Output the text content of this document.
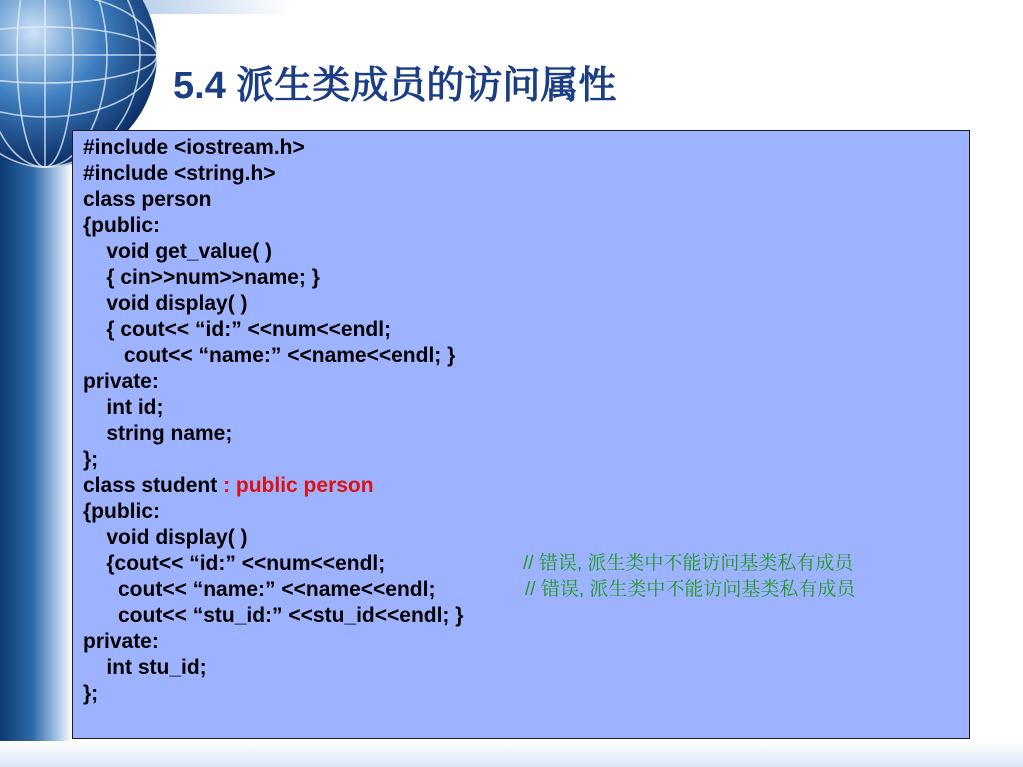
5.4 派生类成员的访问属性
#include <iostream.h>
#include <string.h>
class person
{public:
void get_value( )
{ cin>>num>>name; }
void display( )
{ cout<< “id:” <<num<<endl;
cout<< “name:” <<name<<endl; }
private:
int id;
string name;
};
class student : public person
{public:
void display( )
{cout<< “id:” <<num<<endl;	// 错误, 派生类中不能访问基类私有成员
cout<< “name:” <<name<<endl;	// 错误, 派生类中不能访问基类私有成员
cout<< “stu_id:” <<stu_id<<endl; }
private:
int stu_id;
};
